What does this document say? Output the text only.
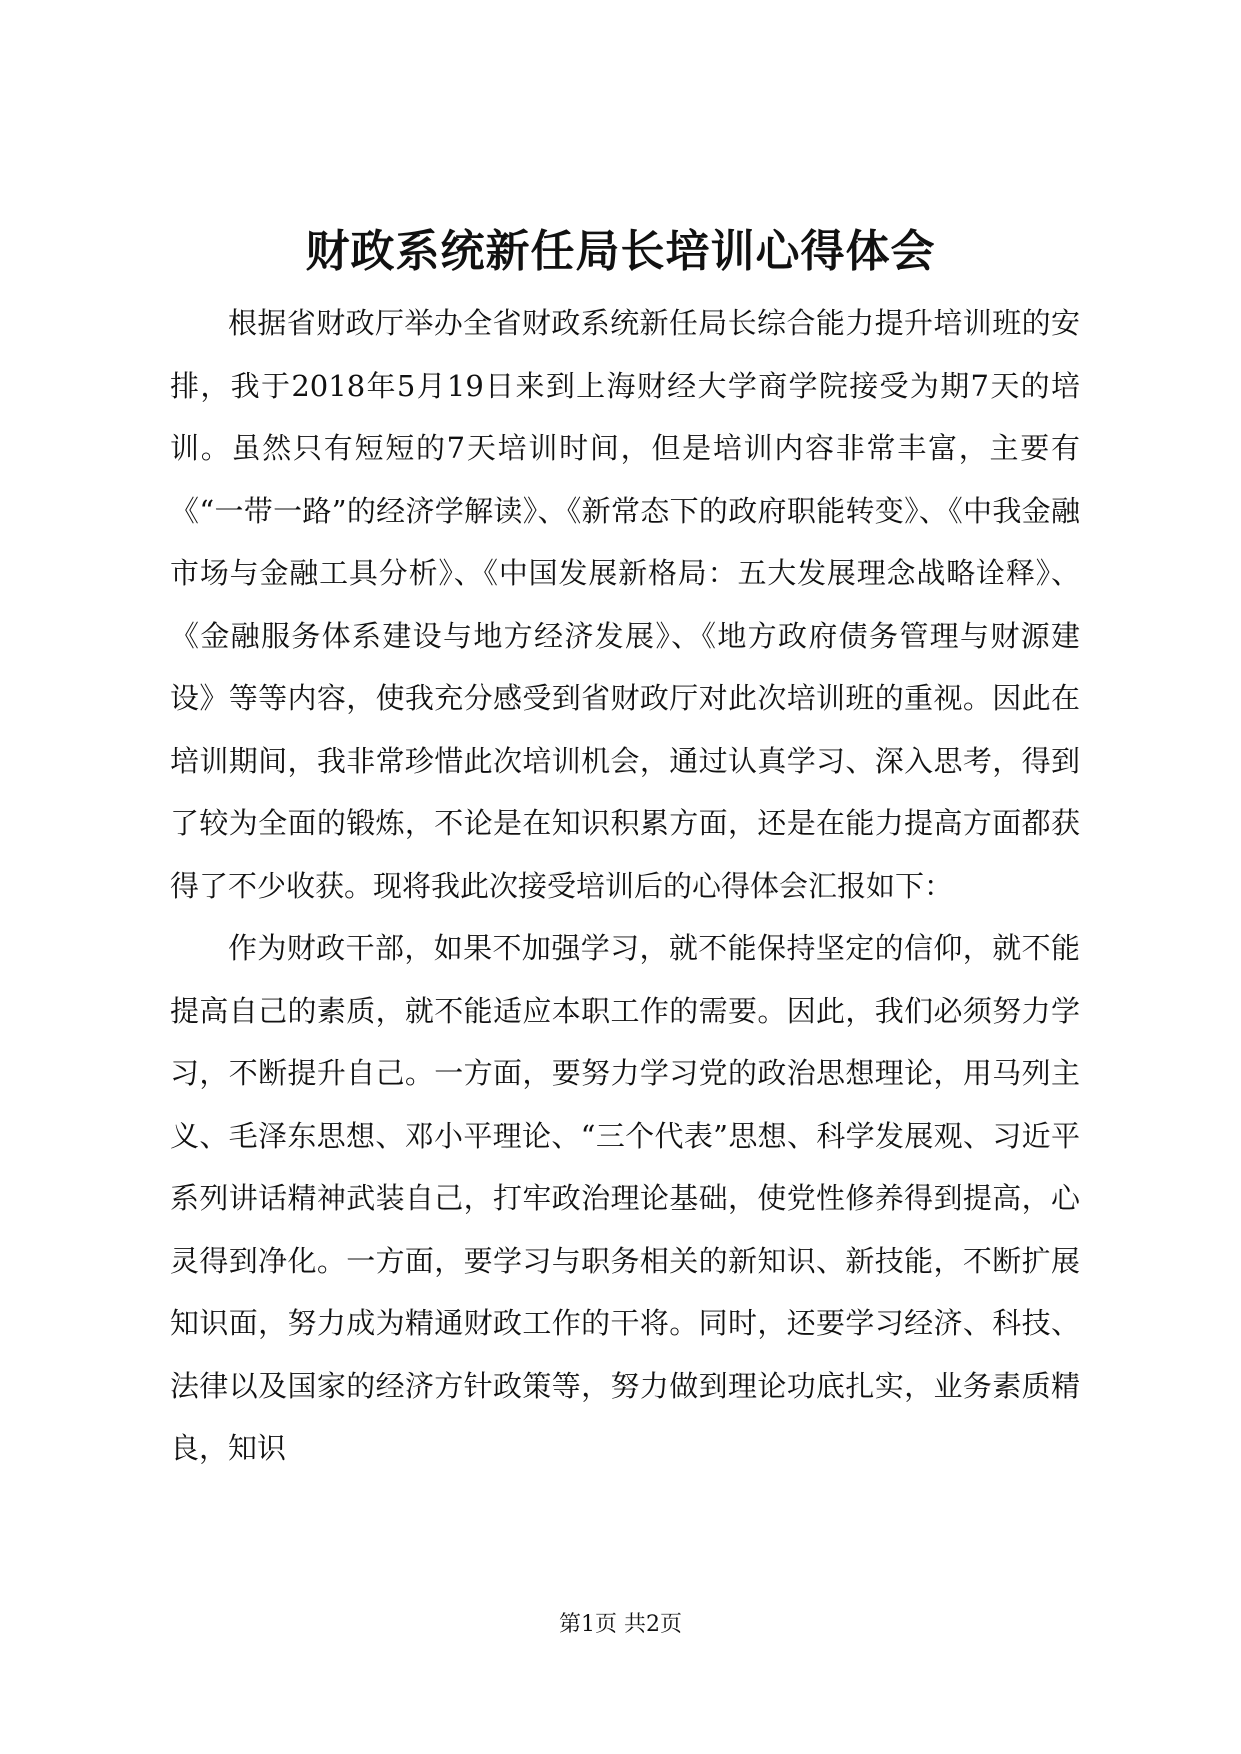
财政系统新任局长培训心得体会

根据省财政厅举办全省财政系统新任局长综合能力提升培训班的安排，我于2018年5月19日来到上海财经大学商学院接受为期7天的培训。虽然只有短短的7天培训时间，但是培训内容非常丰富，主要有《“一带一路”的经济学解读》、《新常态下的政府职能转变》、《中我金融市场与金融工具分析》、《中国发展新格局：五大发展理念战略诠释》、《金融服务体系建设与地方经济发展》、《地方政府债务管理与财源建设》等等内容，使我充分感受到省财政厅对此次培训班的重视。因此在培训期间，我非常珍惜此次培训机会，通过认真学习、深入思考，得到了较为全面的锻炼，不论是在知识积累方面，还是在能力提高方面都获得了不少收获。现将我此次接受培训后的心得体会汇报如下：

作为财政干部，如果不加强学习，就不能保持坚定的信仰，就不能提高自己的素质，就不能适应本职工作的需要。因此，我们必须努力学习，不断提升自己。一方面，要努力学习党的政治思想理论，用马列主义、毛泽东思想、邓小平理论、“三个代表”思想、科学发展观、习近平系列讲话精神武装自己，打牢政治理论基础，使党性修养得到提高，心灵得到净化。一方面，要学习与职务相关的新知识、新技能，不断扩展知识面，努力成为精通财政工作的干将。同时，还要学习经济、科技、法律以及国家的经济方针政策等，努力做到理论功底扎实，业务素质精良，知识

第1页 共2页
